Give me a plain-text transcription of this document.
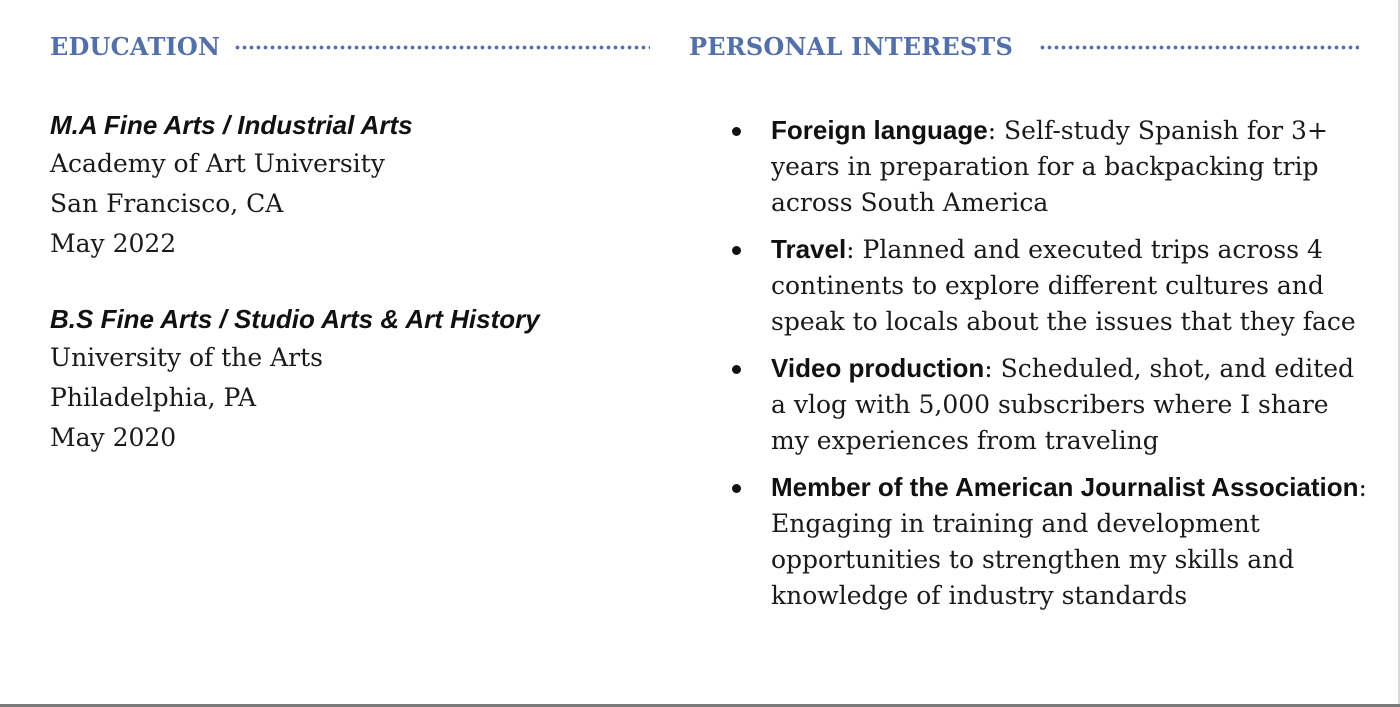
EDUCATION
M.A Fine Arts / Industrial Arts
Academy of Art University
San Francisco, CA
May 2022
B.S Fine Arts / Studio Arts & Art History
University of the Arts
Philadelphia, PA
May 2020
PERSONAL INTERESTS
Foreign language: Self-study Spanish for 3+ years in preparation for a backpacking trip across South America
Travel: Planned and executed trips across 4 continents to explore different cultures and speak to locals about the issues that they face
Video production: Scheduled, shot, and edited a vlog with 5,000 subscribers where I share my experiences from traveling
Member of the American Journalist Association: Engaging in training and development opportunities to strengthen my skills and knowledge of industry standards
